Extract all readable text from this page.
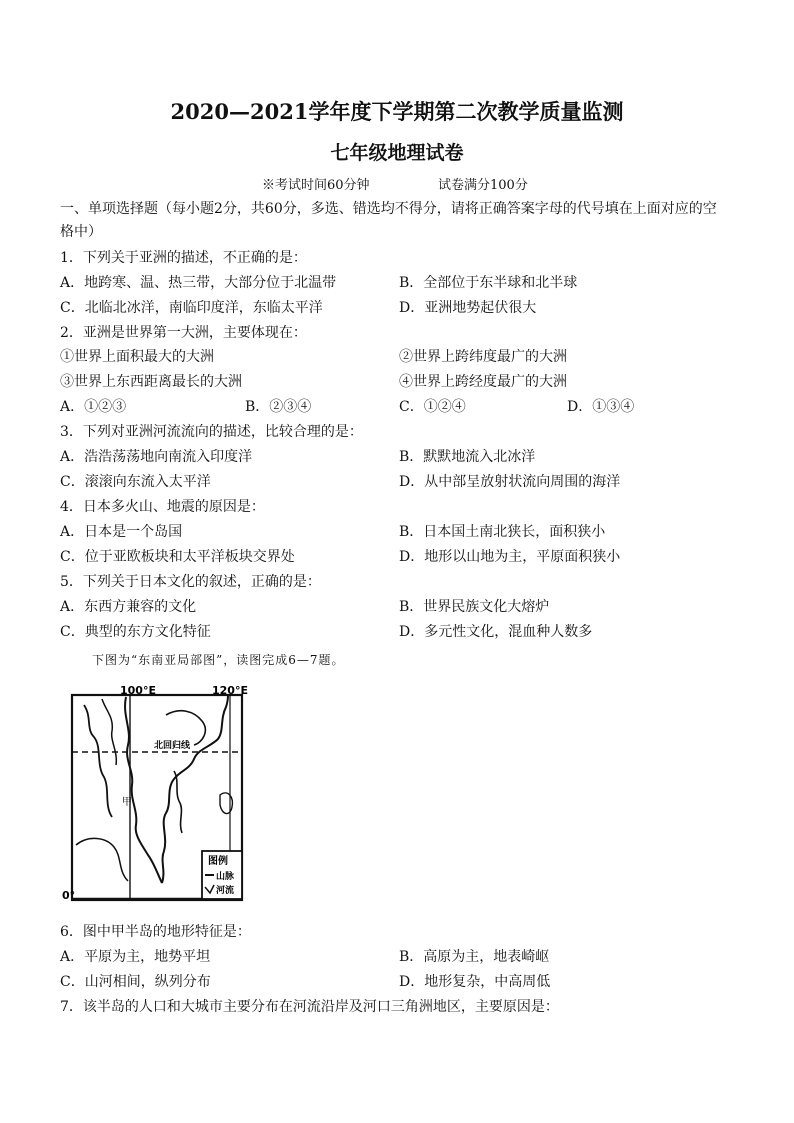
2020—2021学年度下学期第二次教学质量监测
七年级地理试卷
※考试时间60分钟	试卷满分100分
一、单项选择题（每小题2分，共60分，多选、错选均不得分，请将正确答案字母的代号填在上面对应的空
格中）
1．下列关于亚洲的描述，不正确的是：
A．地跨寒、温、热三带，大部分位于北温带	B．全部位于东半球和北半球
C．北临北冰洋，南临印度洋，东临太平洋	D．亚洲地势起伏很大
2．亚洲是世界第一大洲，主要体现在：
①世界上面积最大的大洲	②世界上跨纬度最广的大洲
③世界上东西距离最长的大洲	④世界上跨经度最广的大洲
A．①②③	B．②③④	C．①②④	D．①③④
3．下列对亚洲河流流向的描述，比较合理的是：
A．浩浩荡荡地向南流入印度洋	B．默默地流入北冰洋
C．滚滚向东流入太平洋	D．从中部呈放射状流向周围的海洋
4．日本多火山、地震的原因是：
A．日本是一个岛国	B．日本国土南北狭长，面积狭小
C．位于亚欧板块和太平洋板块交界处	D．地形以山地为主，平原面积狭小
5．下列关于日本文化的叙述，正确的是：
A．东西方兼容的文化	B．世界民族文化大熔炉
C．典型的东方文化特征	D．多元性文化，混血种人数多
下图为“东南亚局部图”，读图完成6—7题。
100°E	120°E
北回归线
0°
甲
图例
山脉
河流
6．图中甲半岛的地形特征是：
A．平原为主，地势平坦	B．高原为主，地表崎岖
C．山河相间，纵列分布	D．地形复杂，中高周低
7．该半岛的人口和大城市主要分布在河流沿岸及河口三角洲地区，主要原因是：
